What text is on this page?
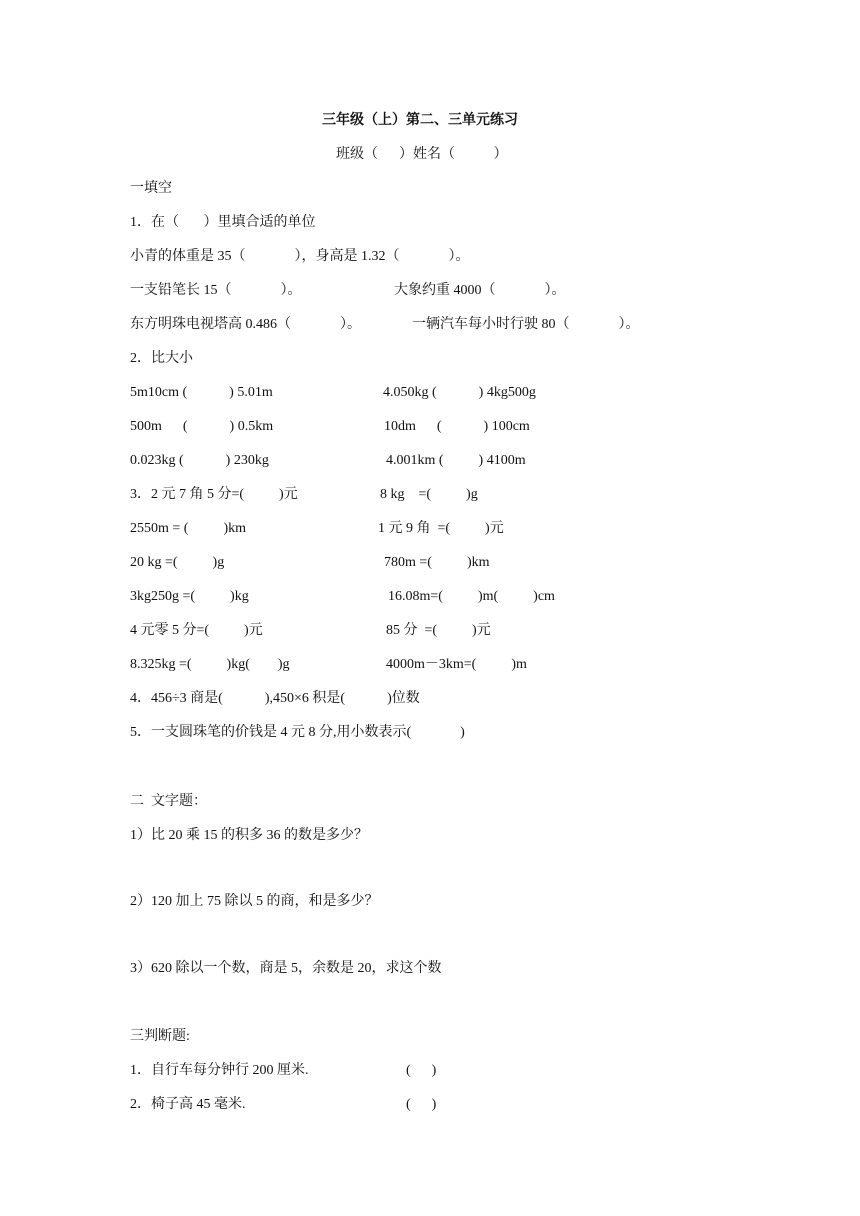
三年级（上）第二、三单元练习
班级（      ）姓名（           ）
一填空
1．在（       ）里填合适的单位
小青的体重是 35（              ），身高是 1.32（              ）。
一支铅笔长 15（              ）。	大象约重 4000（              ）。
东方明珠电视塔高 0.486（              ）。	一辆汽车每小时行驶 80（              ）。
2．比大小
5m10cm (            ) 5.01m	4.050kg (            ) 4kg500g
500m      (            ) 0.5km	10dm      (            ) 100cm
0.023kg (            ) 230kg	4.001km (          ) 4100m
3．2 元 7 角 5 分=(          )元	8 kg    =(          )g
2550m = (          )km	1 元 9 角  =(          )元
20 kg =(          )g	780m =(          )km
3kg250g =(          )kg	16.08m=(          )m(          )cm
4 元零 5 分=(          )元	85 分  =(          )元
8.325kg =(          )kg(        )g	4000m－3km=(          )m
4．456÷3 商是(            ),450×6 积是(            )位数
5．一支圆珠笔的价钱是 4 元 8 分,用小数表示(              )
二  文字题：
1）比 20 乘 15 的积多 36 的数是多少？
2）120 加上 75 除以 5 的商，和是多少？
3）620 除以一个数，商是 5，余数是 20，求这个数
三判断题:
1．自行车每分钟行 200 厘米.	(      )
2．椅子高 45 毫米.	(      )
